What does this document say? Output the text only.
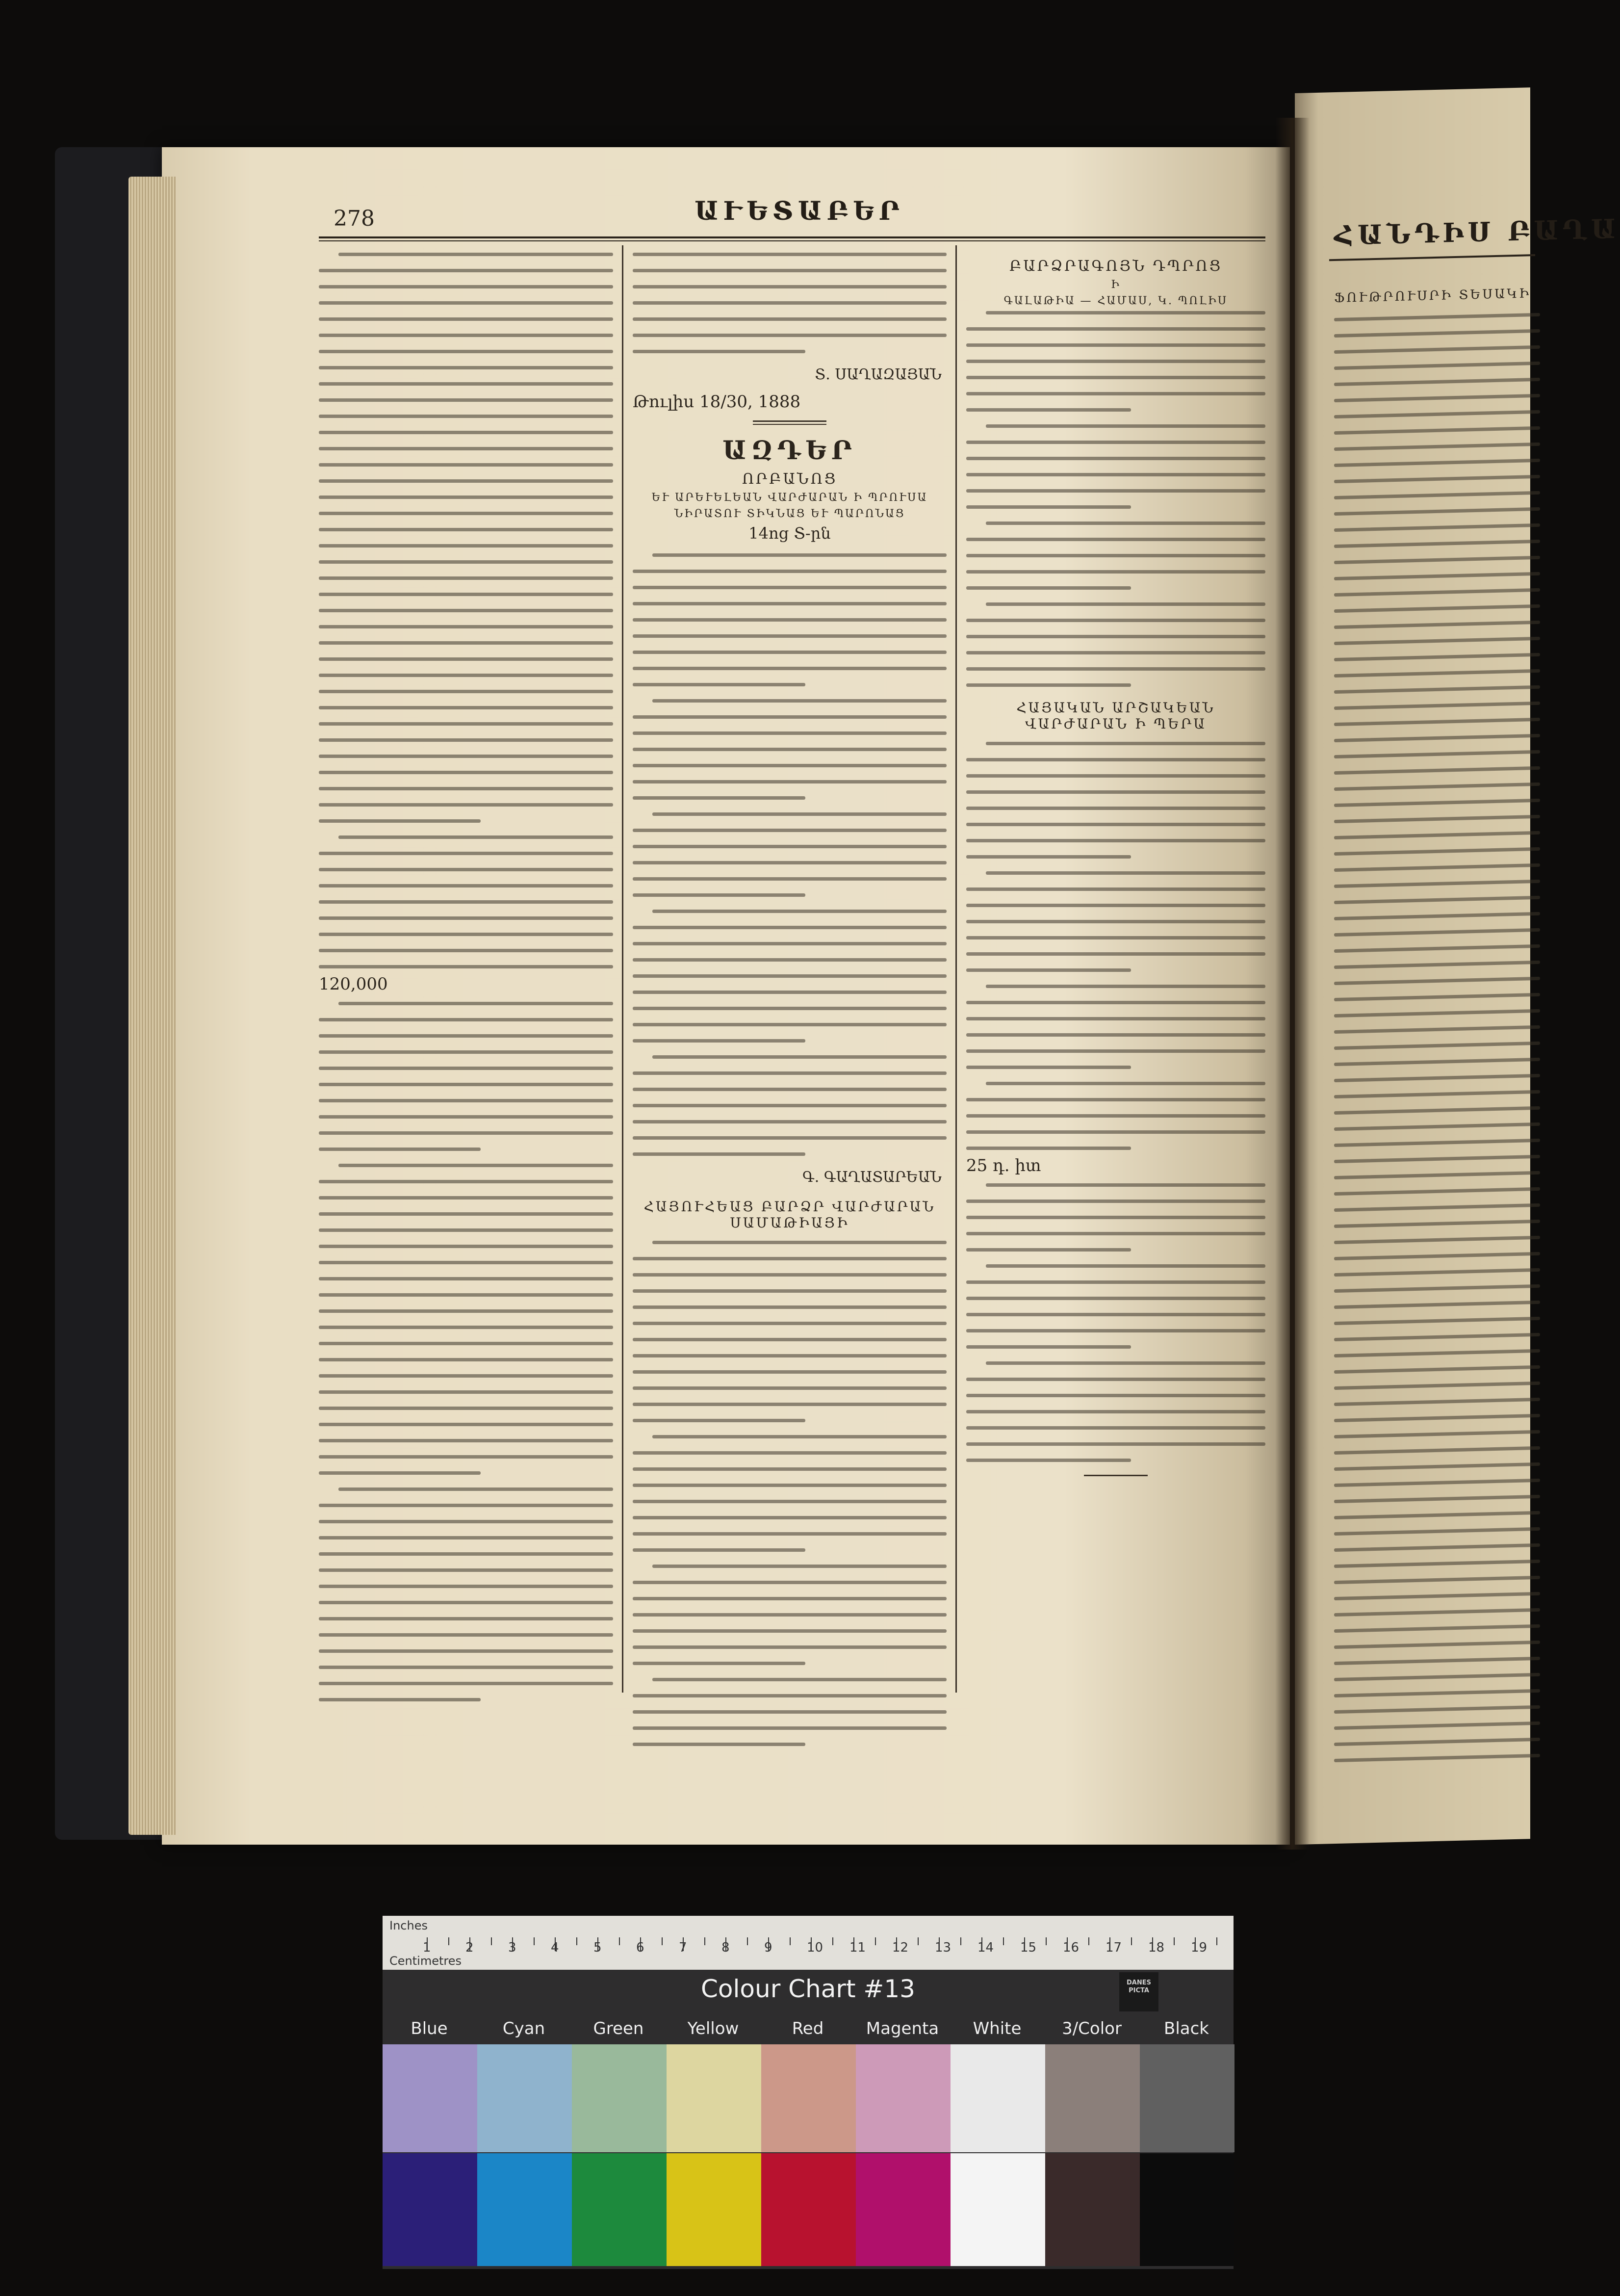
ՀԱՆԴԻՍ ԲԱՂԱ
ՖՈՒԹՐՈՒՍՐԻ ՏԵՍԱԿԻ
278	ԱՒԵՏԱԲԵՐ
120,000
Տ. ՍԱՂԱԶԱՅԱՆ
Թուլիս 18/30, 1888
ԱԶԴԵՐ
ՈՐԲԱՆՈՑ
ԵՒ ԱՐԵՒԵԼԵԱՆ ՎԱՐԺԱՐԱՆ Ի ՊՐՈՒՍԱ
ՆԻՐԱՏՈՒ ՏԻԿՆԱՑ ԵՒ ՊԱՐՈՆԱՑ
14ոց Տ-րն
Գ. ԳԱՂԱՏԱՐԵԱՆ
ՀԱՅՈՒՀԵԱՑ ԲԱՐՁՐ ՎԱՐԺԱՐԱՆ ՍԱՄԱԹԻԱՅԻ
ԲԱՐՁՐԱԳՈՅՆ ԴՊՐՈՑ
Ի
ԳԱԼԱԹԻԱ — ՀԱՄԱՍ, Կ. ՊՈԼԻՍ
ՀԱՅԱԿԱՆ ԱՐՇԱԿԵԱՆ ՎԱՐԺԱՐԱՆ Ի ՊԵՐԱ
25 դ. իտ
Inches
Centimetres
1	2	3	4	5	6	7	8	9	10 11 12 13 14 15 16 17 18 19
Colour Chart #13	DANES PICTA
Blue	Cyan	Green	Yellow	Red	Magenta	White	3/Color	Black
